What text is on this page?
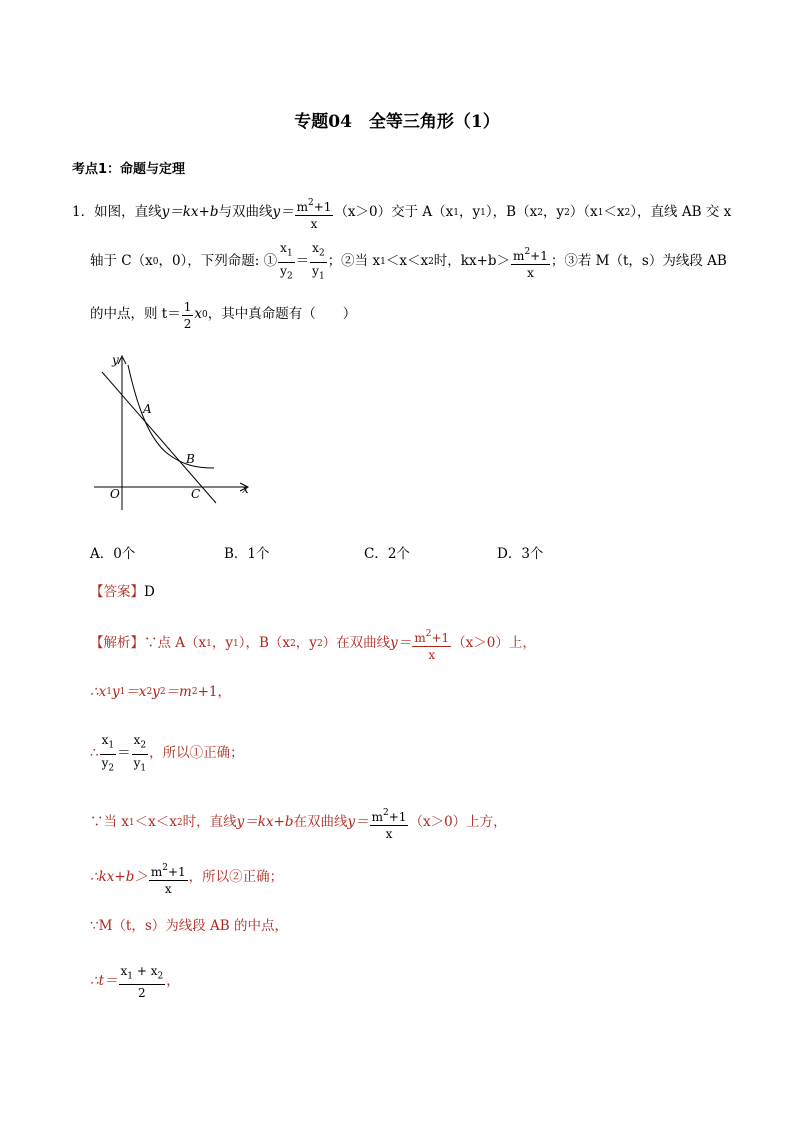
专题04　全等三角形（1）
考点1：命题与定理
1． 如图，直线 y＝kx+b 与双曲线 $y= \frac{m^2+1}{x} (x>0)$交于 A（x 1 ，y 1 ），B（x 2 ，y 2 ）（x 1 ＜x 2 ），直线 AB 交 x
轴于 C（x 0 ，0），下列命题: ① $\frac{x_1}{y_2} = \frac{x_2}{y_1}$ ；②当 x 1 ＜x＜x 2 时，$kx+b> \frac{m^2+1}{x}$ ；③若 M（t，s）为线段 AB
的中点，则 $t= \frac{1}{2}$ x 0 ，其中真命题有（　　）
y
x
O
A
B
C
A．0个	B．1个	C．2个	D．3个
【答案】 D
【解析】 ∵点 A（x 1 ，y 1 ），B（x 2 ，y 2 ）在双曲线 $y= \frac{m^2+1}{x} (x>0)$上，
∴x 1 y 1 ＝x 2 y 2 ＝m 2 +1，
∴ $\frac{x_1}{y_2} = \frac{x_2}{y_1}$ ，所以①正确；
∵当 x 1 ＜x＜x 2 时，直线 y＝kx+b 在双曲线 $y= \frac{m^2+1}{x} (x>0)$上方，
∴kx+b＞ $\frac{m^2+1}{x}$ ，所以②正确；
∵M（t，s）为线段 AB 的中点，
∴t＝ $\frac{x_1 + x_2}{2}$ ，
